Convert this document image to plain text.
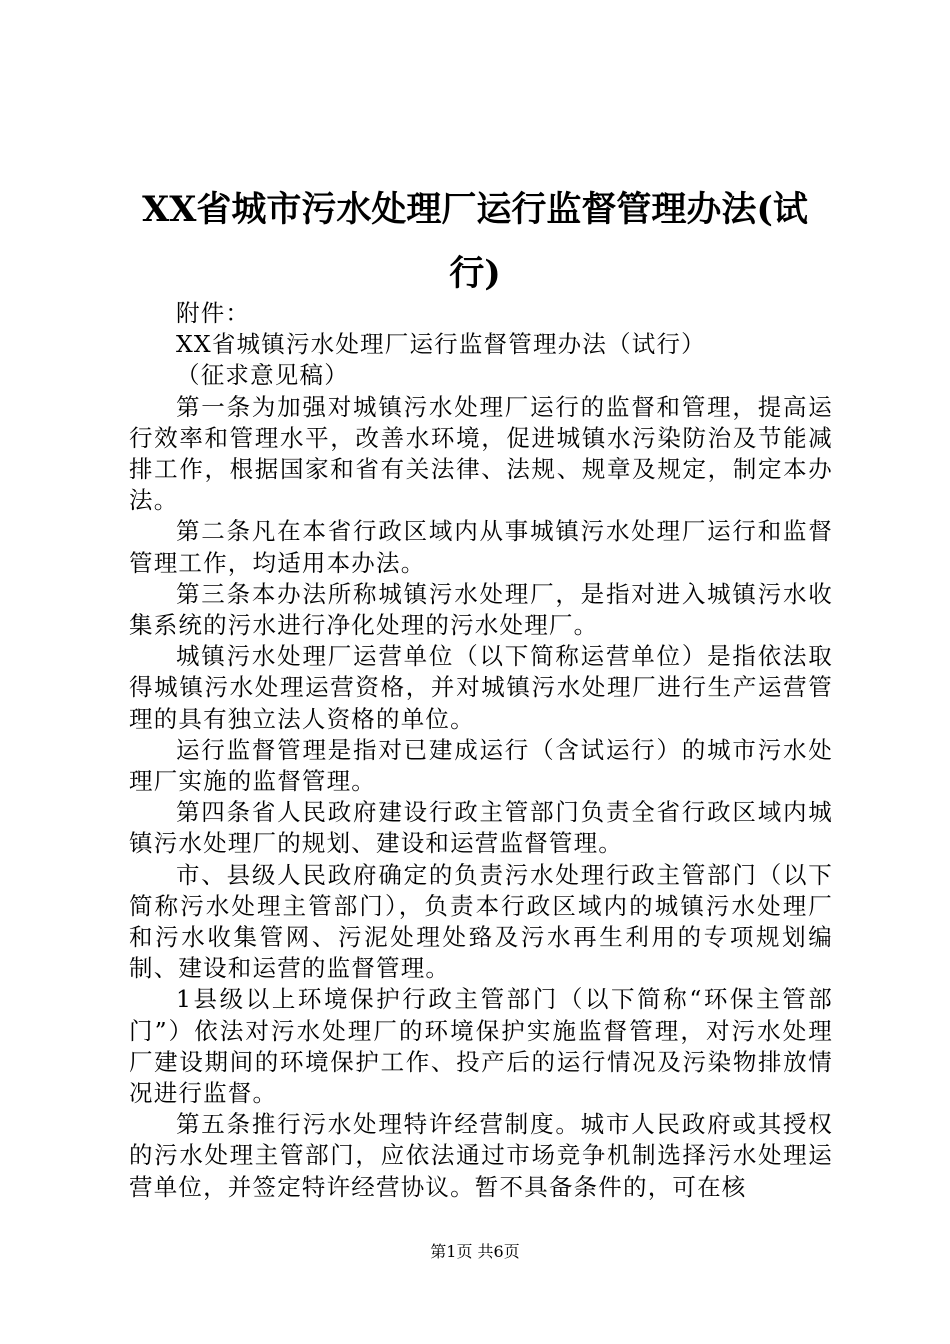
XX省城市污水处理厂运行监督管理办法(试行)

附件：

XX省城镇污水处理厂运行监督管理办法（试行）

（征求意见稿）

第一条为加强对城镇污水处理厂运行的监督和管理，提高运行效率和管理水平，改善水环境，促进城镇水污染防治及节能减排工作，根据国家和省有关法律、法规、规章及规定，制定本办法。

第二条凡在本省行政区域内从事城镇污水处理厂运行和监督管理工作，均适用本办法。

第三条本办法所称城镇污水处理厂，是指对进入城镇污水收集系统的污水进行净化处理的污水处理厂。

城镇污水处理厂运营单位（以下简称运营单位）是指依法取得城镇污水处理运营资格，并对城镇污水处理厂进行生产运营管理的具有独立法人资格的单位。

运行监督管理是指对已建成运行（含试运行）的城市污水处理厂实施的监督管理。

第四条省人民政府建设行政主管部门负责全省行政区域内城镇污水处理厂的规划、建设和运营监督管理。

市、县级人民政府确定的负责污水处理行政主管部门（以下简称污水处理主管部门），负责本行政区域内的城镇污水处理厂和污水收集管网、污泥处理处臵及污水再生利用的专项规划编制、建设和运营的监督管理。

1县级以上环境保护行政主管部门（以下简称“环保主管部门”）依法对污水处理厂的环境保护实施监督管理，对污水处理厂建设期间的环境保护工作、投产后的运行情况及污染物排放情况进行监督。

第五条推行污水处理特许经营制度。城市人民政府或其授权的污水处理主管部门，应依法通过市场竞争机制选择污水处理运营单位，并签定特许经营协议。暂不具备条件的，可在核

第1页 共6页
